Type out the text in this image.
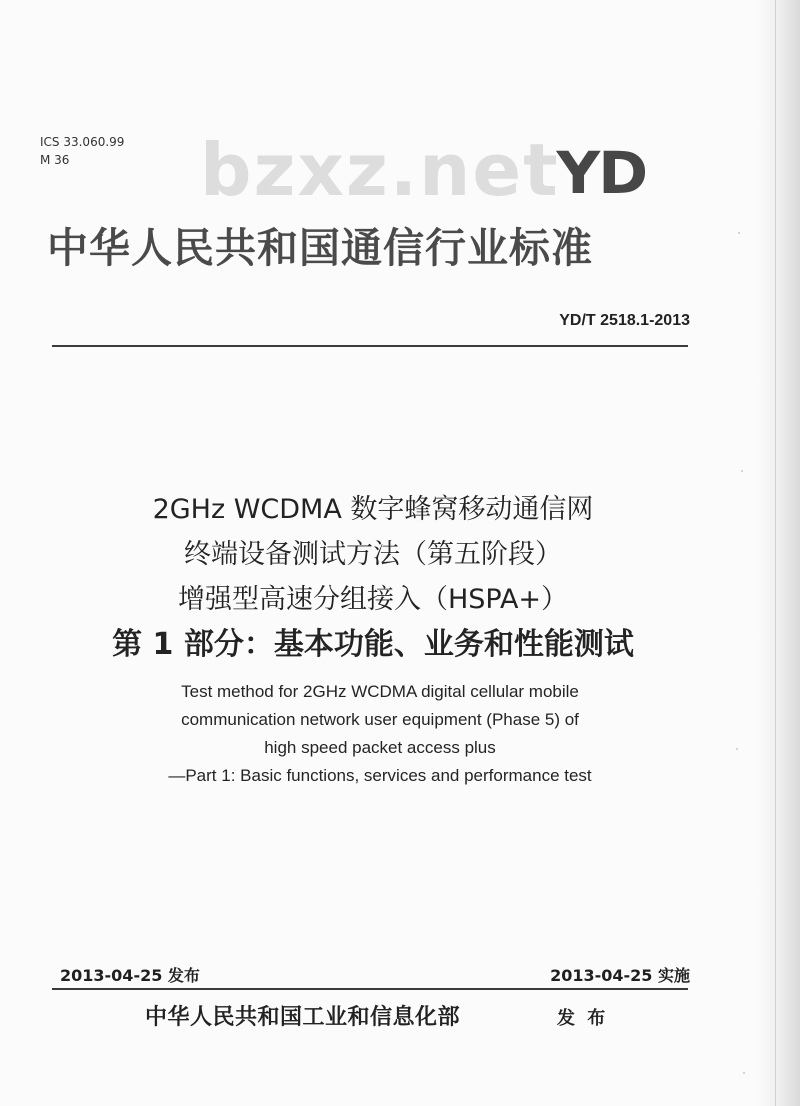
ICS 33.060.99
M 36	bzxz.net
YD
中华人民共和国通信行业标准
YD/T 2518.1-2013
2GHz WCDMA 数字蜂窝移动通信网
终端设备测试方法（第五阶段）
增强型高速分组接入（HSPA+）
第 1 部分：基本功能、业务和性能测试
Test method for 2GHz WCDMA digital cellular mobile
communication network user equipment (Phase 5) of
high speed packet access plus
—Part 1: Basic functions, services and performance test
2013-04-25 发布	2013-04-25 实施
中华人民共和国工业和信息化部	发 布
